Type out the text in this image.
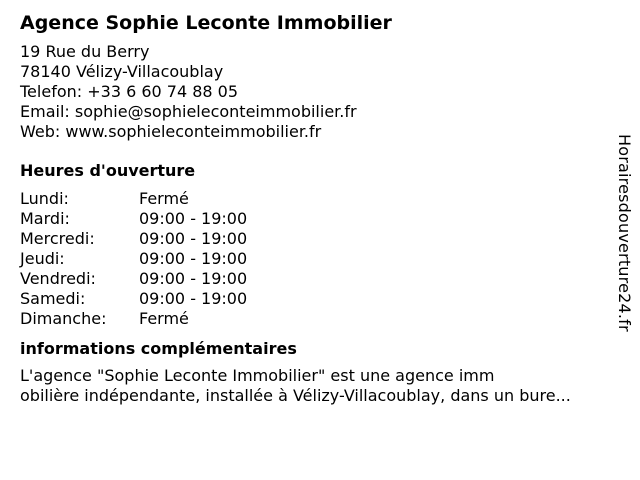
Agence Sophie Leconte Immobilier
19 Rue du Berry
78140 Vélizy-Villacoublay
Telefon: +33 6 60 74 88 05
Email: sophie@sophieleconteimmobilier.fr
Web: www.sophieleconteimmobilier.fr
Heures d'ouverture
Lundi:	Fermé
Mardi:	09:00 - 19:00
Mercredi:	09:00 - 19:00
Jeudi:	09:00 - 19:00
Vendredi:	09:00 - 19:00
Samedi:	09:00 - 19:00
Dimanche: Fermé
informations complémentaires
L'agence "Sophie Leconte Immobilier" est une agence imm
obilière indépendante, installée à Vélizy-Villacoublay, dans un bure...
Horairesdouverture24.fr
